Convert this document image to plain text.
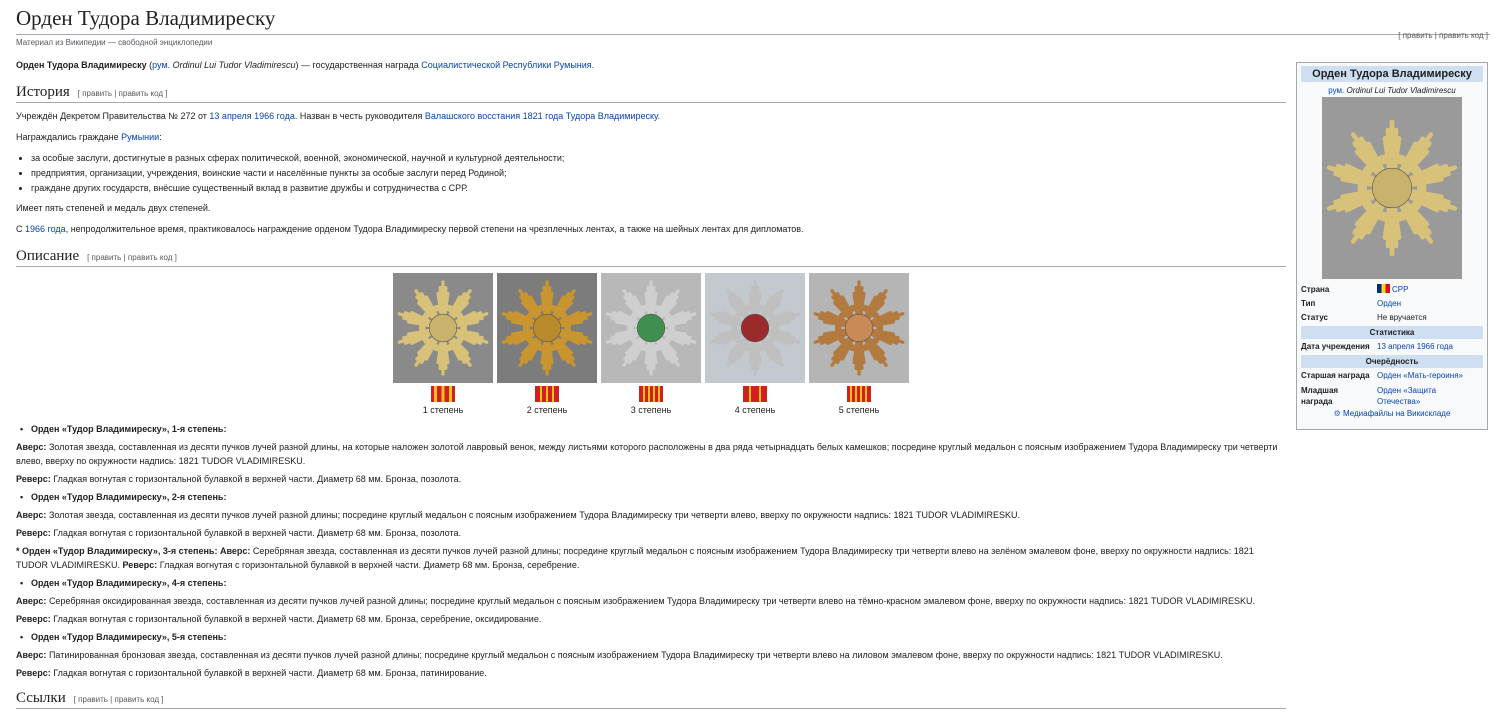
Орден Тудора Владимиреску
Материал из Википедии — свободной энциклопедии
[ править | править код ]

Орден Тудора Владимиреску (рум. Ordinul Lui Tudor Vladimirescu) — государственная награда Социалистической Республики Румыния.

История [ править | править код ]

Учреждён Декретом Правительства № 272 от 13 апреля 1966 года. Назван в честь руководителя Валашского восстания 1821 года Тудора Владимиреску.

Награждались граждане Румынии:

• за особые заслуги, достигнутые в разных сферах политической, военной, экономической, научной и культурной деятельности;
• предприятия, организации, учреждения, воинские части и населённые пункты за особые заслуги перед Родиной;
• граждане других государств, внёсшие существенный вклад в развитие дружбы и сотрудничества с СРР.

Имеет пять степеней и медаль двух степеней.

С 1966 года, непродолжительное время, практиковалось награждение орденом Тудора Владимиреску первой степени на чрезплечных лентах, а также на шейных лентах для дипломатов.

Описание [ править | править код ]
1 степень	2 степень	3 степень	4 степень	5 степень

• Орден «Тудор Владимиреску», 1-я степень:

Аверс: Золотая звезда, составленная из десяти пучков лучей разной длины, на которые наложен золотой лавровый венок, между листьями которого расположены в два ряда четырнадцать белых камешков; посредине круглый медальон с поясным изображением Тудора Владимиреску три четверти влево, вверху по окружности надпись: 1821 TUDOR VLADIMIRESKU.

Реверс: Гладкая вогнутая с горизонтальной булавкой в верхней части. Диаметр 68 мм. Бронза, позолота.

• Орден «Тудор Владимиреску», 2-я степень:

Аверс: Золотая звезда, составленная из десяти пучков лучей разной длины; посредине круглый медальон с поясным изображением Тудора Владимиреску три четверти влево, вверху по окружности надпись: 1821 TUDOR VLADIMIRESKU.

Реверс: Гладкая вогнутая с горизонтальной булавкой в верхней части. Диаметр 68 мм. Бронза, позолота.

* Орден «Тудор Владимиреску», 3-я степень: Аверс: Серебряная звезда, составленная из десяти пучков лучей разной длины; посредине круглый медальон с поясным изображением Тудора Владимиреску три четверти влево на зелёном эмалевом фоне, вверху по окружности надпись: 1821 TUDOR VLADIMIRESKU. Реверс: Гладкая вогнутая с горизонтальной булавкой в верхней части. Диаметр 68 мм. Бронза, серебрение.

• Орден «Тудор Владимиреску», 4-я степень:

Аверс: Серебряная оксидированная звезда, составленная из десяти пучков лучей разной длины; посредине круглый медальон с поясным изображением Тудора Владимиреску три четверти влево на тёмно-красном эмалевом фоне, вверху по окружности надпись: 1821 TUDOR VLADIMIRESKU.

Реверс: Гладкая вогнутая с горизонтальной булавкой в верхней части. Диаметр 68 мм. Бронза, серебрение, оксидирование.

• Орден «Тудор Владимиреску», 5-я степень:

Аверс: Патинированная бронзовая звезда, составленная из десяти пучков лучей разной длины; посредине круглый медальон с поясным изображением Тудора Владимиреску три четверти влево на лиловом эмалевом фоне, вверху по окружности надпись: 1821 TUDOR VLADIMIRESKU.

Реверс: Гладкая вогнутая с горизонтальной булавкой в верхней части. Диаметр 68 мм. Бронза, патинирование.

Ссылки [ править | править код ]
Орден Тудора Владимиреску
рум. Ordinul Lui Tudor Vladimirescu
Страна	СРР
Тип	Орден
Статус	Не вручается
Статистика
Дата учреждения 13 апреля 1966 года
Очерёдность
Старшая награда Орден «Мать-героиня»
Младшая награда
Орден «Защита Отечества»
⚙ Медиафайлы на Викискладе
